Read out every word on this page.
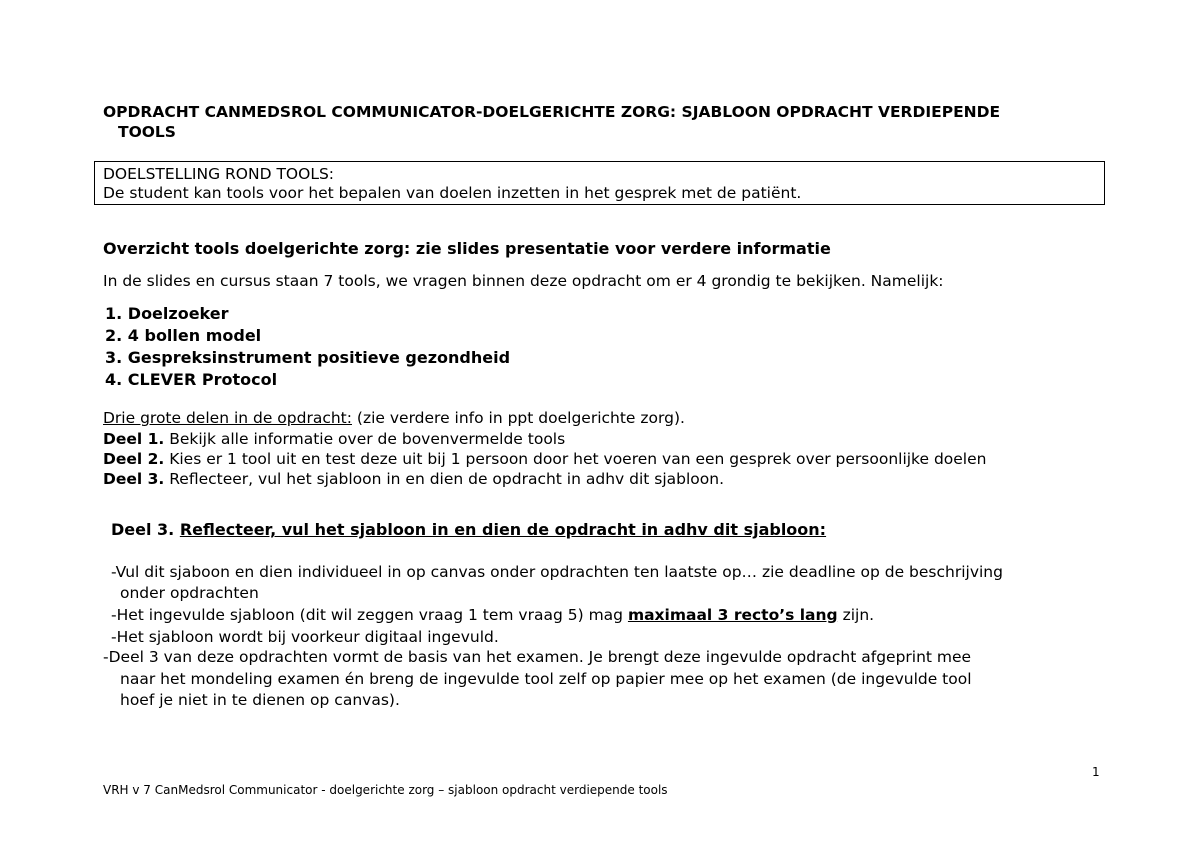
OPDRACHT CANMEDSROL COMMUNICATOR-DOELGERICHTE ZORG: SJABLOON OPDRACHT VERDIEPENDE
TOOLS
DOELSTELLING ROND TOOLS:
De student kan tools voor het bepalen van doelen inzetten in het gesprek met de patiënt.
Overzicht tools doelgerichte zorg: zie slides presentatie voor verdere informatie
In de slides en cursus staan 7 tools, we vragen binnen deze opdracht om er 4 grondig te bekijken. Namelijk:
1. Doelzoeker
2. 4 bollen model
3. Gespreksinstrument positieve gezondheid
4. CLEVER Protocol
Drie grote delen in de opdracht: (zie verdere info in ppt doelgerichte zorg).
Deel 1. Bekijk alle informatie over de bovenvermelde tools
Deel 2. Kies er 1 tool uit en test deze uit bij 1 persoon door het voeren van een gesprek over persoonlijke doelen
Deel 3. Reflecteer, vul het sjabloon in en dien de opdracht in adhv dit sjabloon.
Deel 3. Reflecteer, vul het sjabloon in en dien de opdracht in adhv dit sjabloon:
-Vul dit sjaboon en dien individueel in op canvas onder opdrachten ten laatste op… zie deadline op de beschrijving
onder opdrachten
-Het ingevulde sjabloon (dit wil zeggen vraag 1 tem vraag 5) mag maximaal 3 recto’s lang zijn.
-Het sjabloon wordt bij voorkeur digitaal ingevuld.
-Deel 3 van deze opdrachten vormt de basis van het examen. Je brengt deze ingevulde opdracht afgeprint mee
naar het mondeling examen én breng de ingevulde tool zelf op papier mee op het examen (de ingevulde tool
hoef je niet in te dienen op canvas).
1
VRH v 7 CanMedsrol Communicator - doelgerichte zorg – sjabloon opdracht verdiepende tools
